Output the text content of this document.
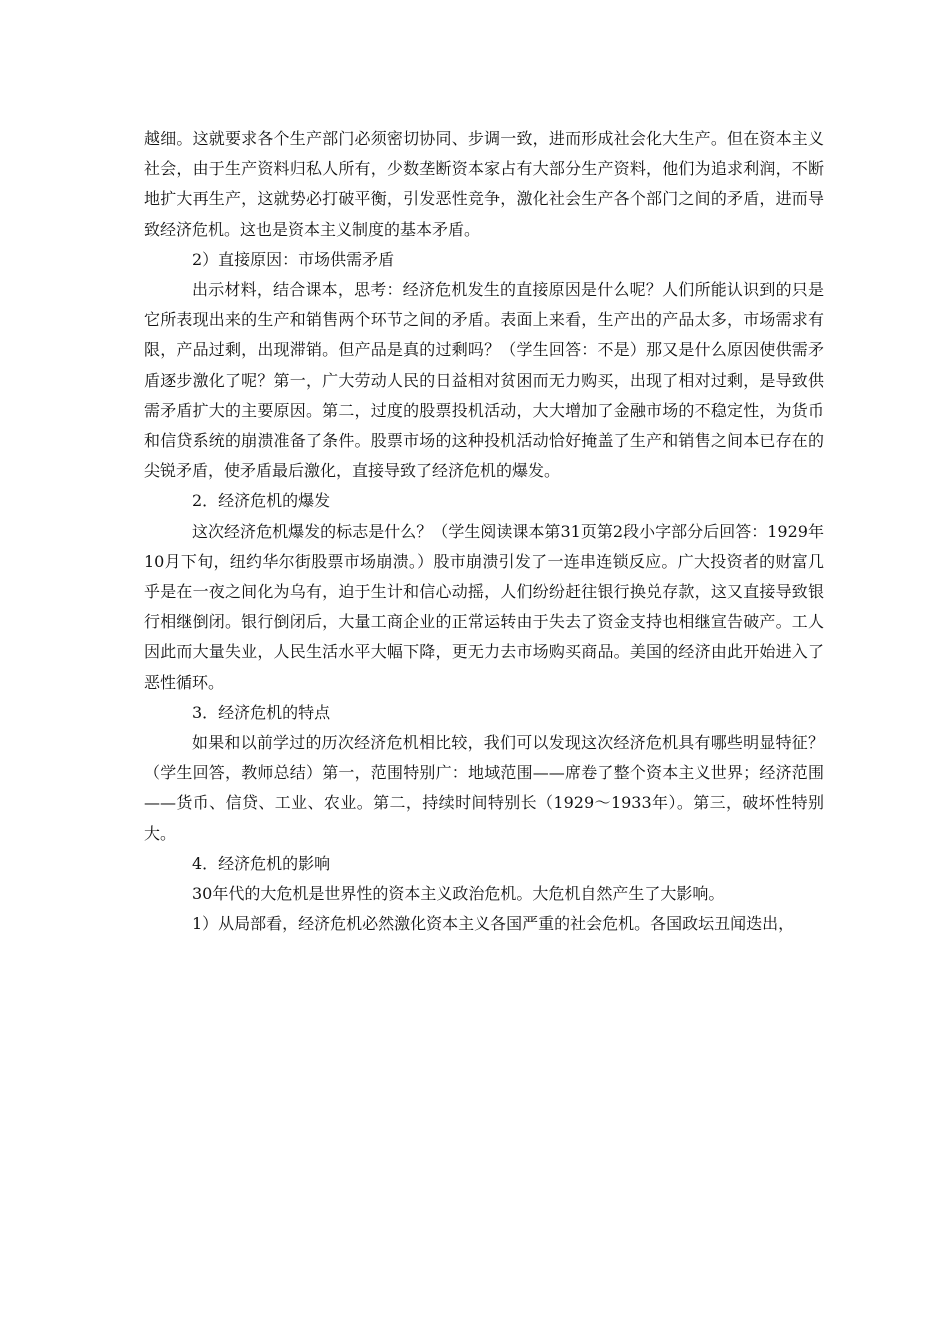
越细。这就要求各个生产部门必须密切协同、步调一致，进而形成社会化大生产。但在资本主义社会，由于生产资料归私人所有，少数垄断资本家占有大部分生产资料，他们为追求利润，不断地扩大再生产，这就势必打破平衡，引发恶性竞争，激化社会生产各个部门之间的矛盾，进而导致经济危机。这也是资本主义制度的基本矛盾。

2）直接原因：市场供需矛盾

出示材料，结合课本，思考：经济危机发生的直接原因是什么呢？人们所能认识到的只是它所表现出来的生产和销售两个环节之间的矛盾。表面上来看，生产出的产品太多，市场需求有限，产品过剩，出现滞销。但产品是真的过剩吗？（学生回答：不是）那又是什么原因使供需矛盾逐步激化了呢？第一，广大劳动人民的日益相对贫困而无力购买，出现了相对过剩，是导致供需矛盾扩大的主要原因。第二，过度的股票投机活动，大大增加了金融市场的不稳定性，为货币和信贷系统的崩溃准备了条件。股票市场的这种投机活动恰好掩盖了生产和销售之间本已存在的尖锐矛盾，使矛盾最后激化，直接导致了经济危机的爆发。

2．经济危机的爆发

这次经济危机爆发的标志是什么？（学生阅读课本第31页第2段小字部分后回答：1929年10月下旬，纽约华尔街股票市场崩溃。）股市崩溃引发了一连串连锁反应。广大投资者的财富几乎是在一夜之间化为乌有，迫于生计和信心动摇，人们纷纷赶往银行换兑存款，这又直接导致银行相继倒闭。银行倒闭后，大量工商企业的正常运转由于失去了资金支持也相继宣告破产。工人因此而大量失业，人民生活水平大幅下降，更无力去市场购买商品。美国的经济由此开始进入了恶性循环。

3．经济危机的特点

如果和以前学过的历次经济危机相比较，我们可以发现这次经济危机具有哪些明显特征？（学生回答，教师总结）第一，范围特别广：地域范围——席卷了整个资本主义世界；经济范围——货币、信贷、工业、农业。第二，持续时间特别长（1929～1933年）。第三，破坏性特别大。

4．经济危机的影响

30年代的大危机是世界性的资本主义政治危机。大危机自然产生了大影响。

1）从局部看，经济危机必然激化资本主义各国严重的社会危机。各国政坛丑闻迭出，
